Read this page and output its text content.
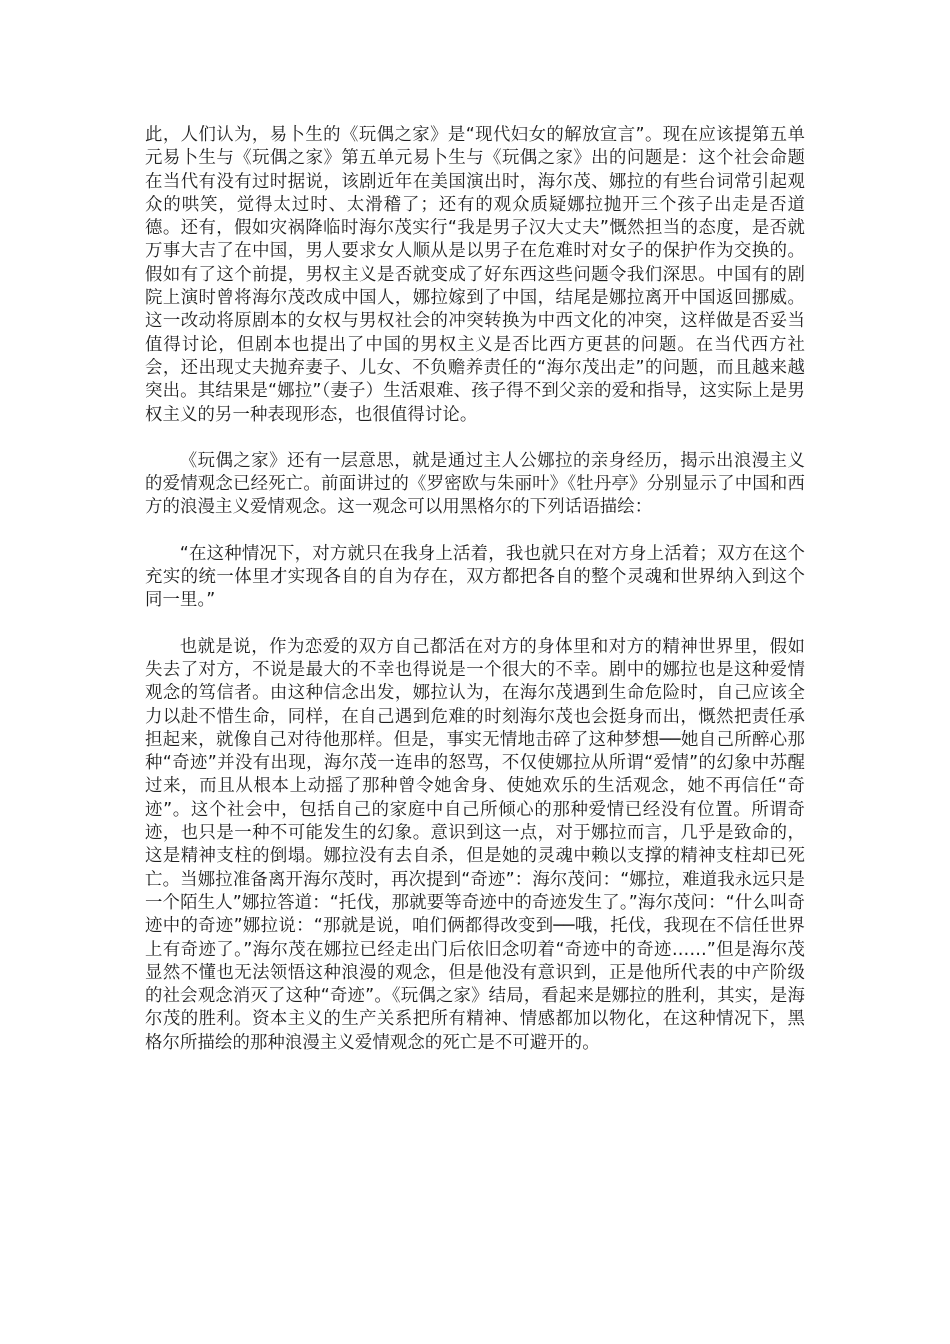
此，人们认为，易卜生的《玩偶之家》是“现代妇女的解放宣言”。现在应该提第五单元易卜生与《玩偶之家》第五单元易卜生与《玩偶之家》出的问题是：这个社会命题在当代有没有过时据说，该剧近年在美国演出时，海尔茂、娜拉的有些台词常引起观众的哄笑，觉得太过时、太滑稽了；还有的观众质疑娜拉抛开三个孩子出走是否道德。还有，假如灾祸降临时海尔茂实行“我是男子汉大丈夫”慨然担当的态度，是否就万事大吉了在中国，男人要求女人顺从是以男子在危难时对女子的保护作为交换的。假如有了这个前提，男权主义是否就变成了好东西这些问题令我们深思。中国有的剧院上演时曾将海尔茂改成中国人，娜拉嫁到了中国，结尾是娜拉离开中国返回挪威。这一改动将原剧本的女权与男权社会的冲突转换为中西文化的冲突，这样做是否妥当值得讨论，但剧本也提出了中国的男权主义是否比西方更甚的问题。在当代西方社会，还出现丈夫抛弃妻子、儿女、不负赡养责任的“海尔茂出走”的问题，而且越来越突出。其结果是“娜拉”（妻子）生活艰难、孩子得不到父亲的爱和指导，这实际上是男权主义的另一种表现形态，也很值得讨论。

《玩偶之家》还有一层意思，就是通过主人公娜拉的亲身经历，揭示出浪漫主义的爱情观念已经死亡。前面讲过的《罗密欧与朱丽叶》《牡丹亭》分别显示了中国和西方的浪漫主义爱情观念。这一观念可以用黑格尔的下列话语描绘：

“在这种情况下，对方就只在我身上活着，我也就只在对方身上活着；双方在这个充实的统一体里才实现各自的自为存在，双方都把各自的整个灵魂和世界纳入到这个同一里。”

也就是说，作为恋爱的双方自己都活在对方的身体里和对方的精神世界里，假如失去了对方，不说是最大的不幸也得说是一个很大的不幸。剧中的娜拉也是这种爱情观念的笃信者。由这种信念出发，娜拉认为，在海尔茂遇到生命危险时，自己应该全力以赴不惜生命，同样，在自己遇到危难的时刻海尔茂也会挺身而出，慨然把责任承担起来，就像自己对待他那样。但是，事实无情地击碎了这种梦想──她自己所醉心那种“奇迹”并没有出现，海尔茂一连串的怒骂，不仅使娜拉从所谓“爱情”的幻象中苏醒过来，而且从根本上动摇了那种曾令她舍身、使她欢乐的生活观念，她不再信任“奇迹”。这个社会中，包括自己的家庭中自己所倾心的那种爱情已经没有位置。所谓奇迹，也只是一种不可能发生的幻象。意识到这一点，对于娜拉而言，几乎是致命的，这是精神支柱的倒塌。娜拉没有去自杀，但是她的灵魂中赖以支撑的精神支柱却已死亡。当娜拉准备离开海尔茂时，再次提到“奇迹”：海尔茂问：“娜拉，难道我永远只是一个陌生人”娜拉答道：“托伐，那就要等奇迹中的奇迹发生了。”海尔茂问：“什么叫奇迹中的奇迹”娜拉说：“那就是说，咱们俩都得改变到──哦，托伐，我现在不信任世界上有奇迹了。”海尔茂在娜拉已经走出门后依旧念叨着“奇迹中的奇迹……”但是海尔茂显然不懂也无法领悟这种浪漫的观念，但是他没有意识到，正是他所代表的中产阶级的社会观念消灭了这种“奇迹”。《玩偶之家》结局，看起来是娜拉的胜利，其实，是海尔茂的胜利。资本主义的生产关系把所有精神、情感都加以物化，在这种情况下，黑格尔所描绘的那种浪漫主义爱情观念的死亡是不可避开的。
